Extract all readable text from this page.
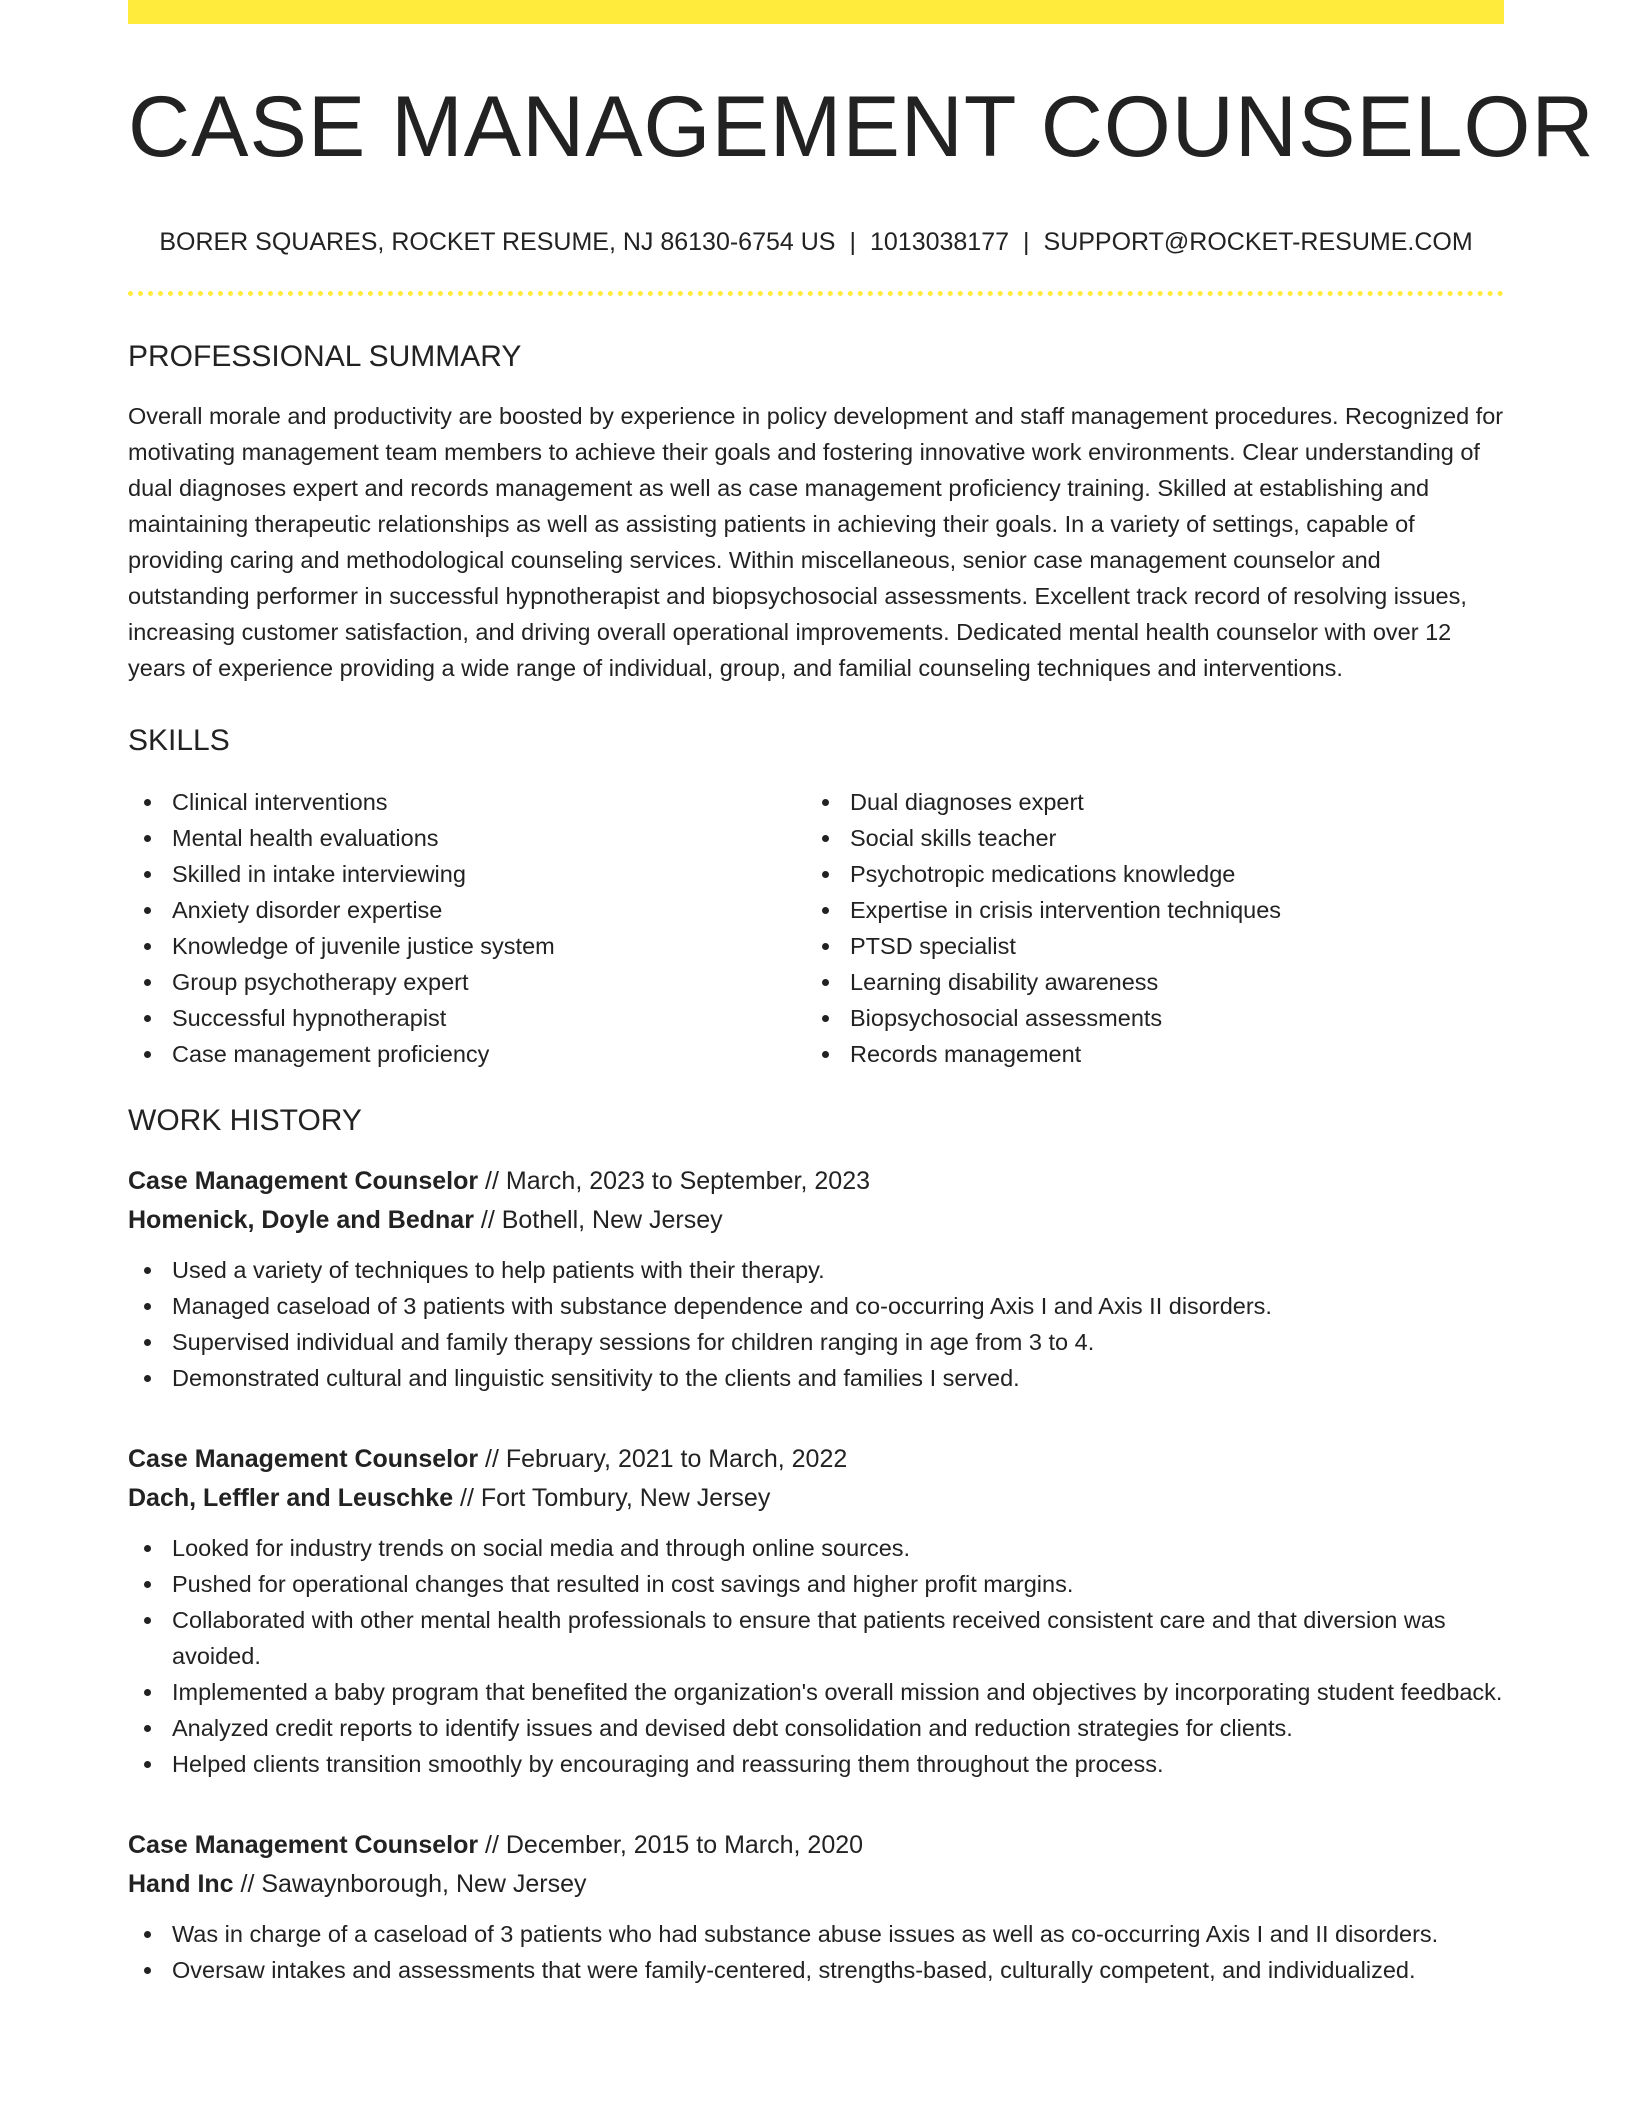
CASE MANAGEMENT COUNSELOR
BORER SQUARES, ROCKET RESUME, NJ 86130-6754 US | 1013038177 | SUPPORT@ROCKET-RESUME.COM
PROFESSIONAL SUMMARY

Overall morale and productivity are boosted by experience in policy development and staff management procedures. Recognized for motivating management team members to achieve their goals and fostering innovative work environments. Clear understanding of dual diagnoses expert and records management as well as case management proficiency training. Skilled at establishing and maintaining therapeutic relationships as well as assisting patients in achieving their goals. In a variety of settings, capable of providing caring and methodological counseling services. Within miscellaneous, senior case management counselor and outstanding performer in successful hypnotherapist and biopsychosocial assessments. Excellent track record of resolving issues, increasing customer satisfaction, and driving overall operational improvements. Dedicated mental health counselor with over 12 years of experience providing a wide range of individual, group, and familial counseling techniques and interventions.

SKILLS
Clinical interventions
Mental health evaluations
Skilled in intake interviewing
Anxiety disorder expertise
Knowledge of juvenile justice system
Group psychotherapy expert
Successful hypnotherapist
Case management proficiency
Dual diagnoses expert
Social skills teacher
Psychotropic medications knowledge
Expertise in crisis intervention techniques
PTSD specialist
Learning disability awareness
Biopsychosocial assessments
Records management
WORK HISTORY
Case Management Counselor // March, 2023 to September, 2023
Homenick, Doyle and Bednar // Bothell, New Jersey
Used a variety of techniques to help patients with their therapy.
Managed caseload of 3 patients with substance dependence and co-occurring Axis I and Axis II disorders.
Supervised individual and family therapy sessions for children ranging in age from 3 to 4.
Demonstrated cultural and linguistic sensitivity to the clients and families I served.
Case Management Counselor // February, 2021 to March, 2022
Dach, Leffler and Leuschke // Fort Tombury, New Jersey
Looked for industry trends on social media and through online sources.
Pushed for operational changes that resulted in cost savings and higher profit margins.
Collaborated with other mental health professionals to ensure that patients received consistent care and that diversion was avoided.
Implemented a baby program that benefited the organization's overall mission and objectives by incorporating student feedback.
Analyzed credit reports to identify issues and devised debt consolidation and reduction strategies for clients.
Helped clients transition smoothly by encouraging and reassuring them throughout the process.
Case Management Counselor // December, 2015 to March, 2020
Hand Inc // Sawaynborough, New Jersey
Was in charge of a caseload of 3 patients who had substance abuse issues as well as co-occurring Axis I and II disorders.
Oversaw intakes and assessments that were family-centered, strengths-based, culturally competent, and individualized.
